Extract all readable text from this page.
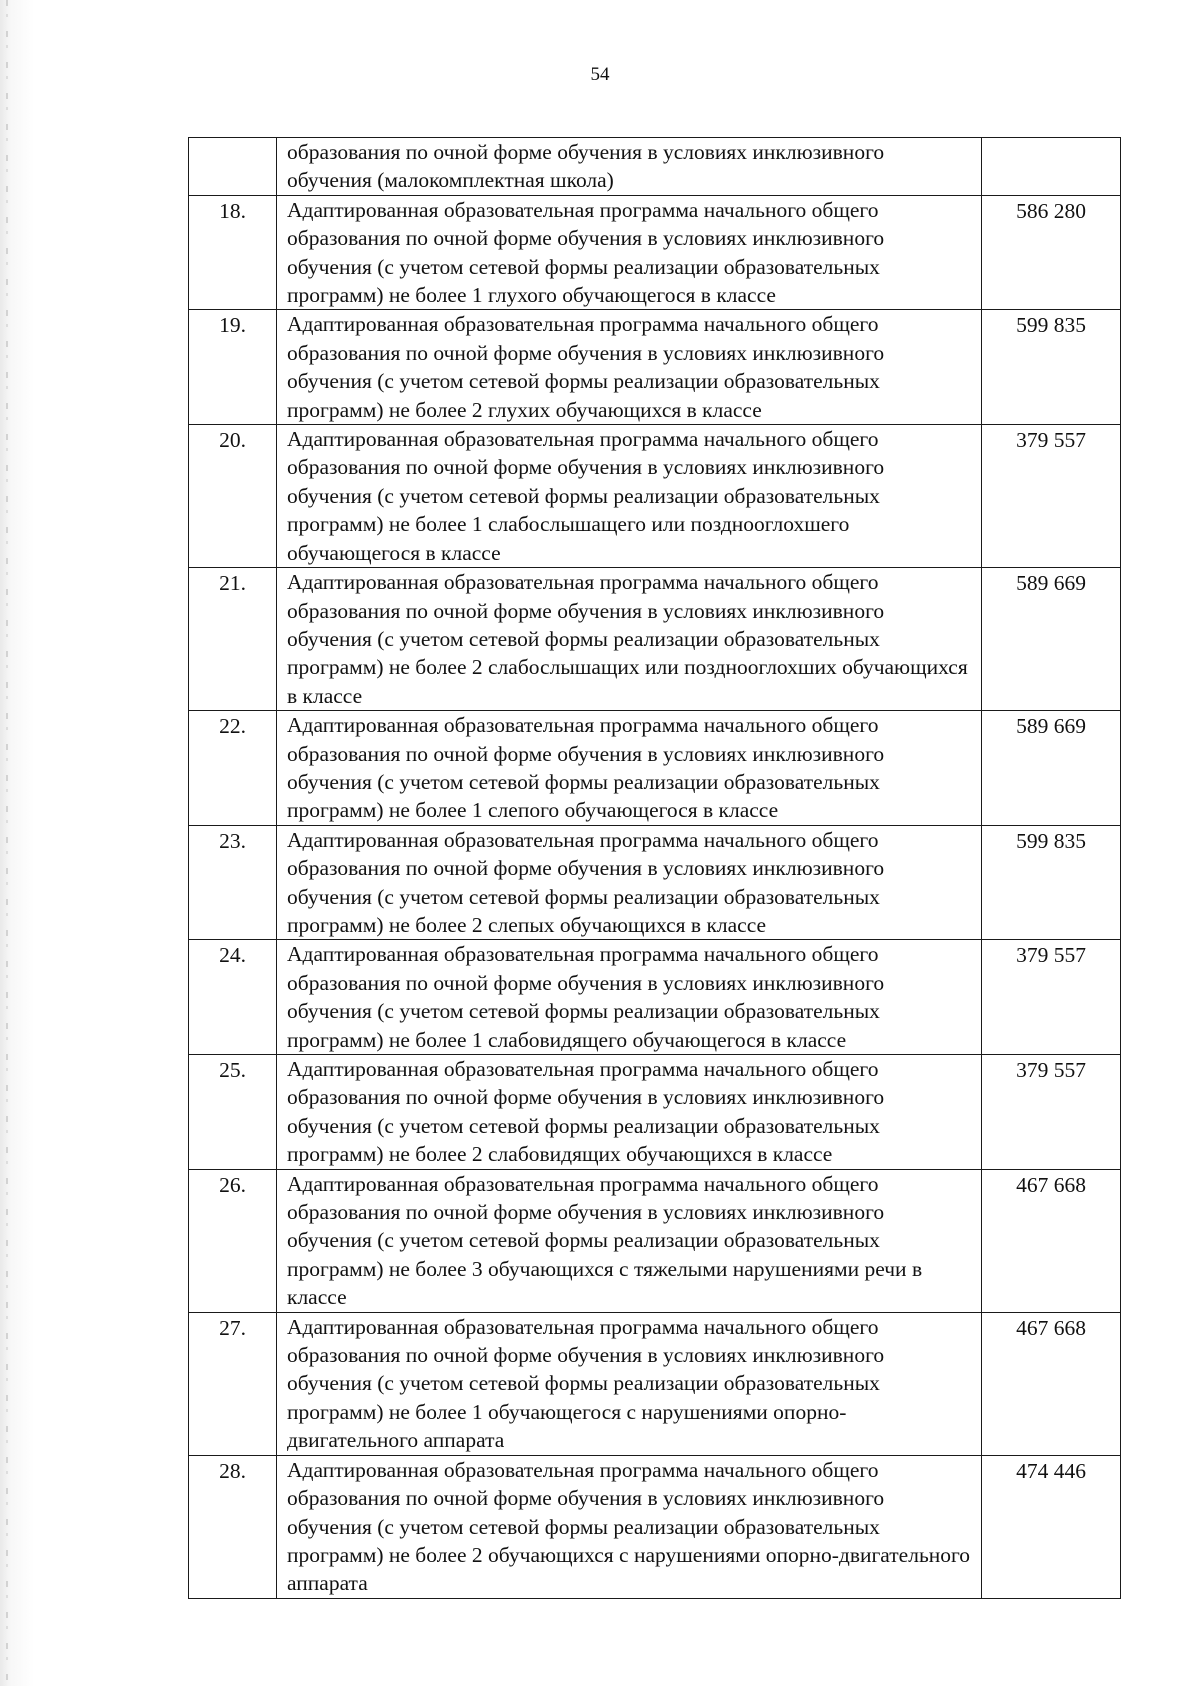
54
	образования по очной форме обучения в условиях инклюзивного обучения (малокомплектная школа)	
18.	Адаптированная образовательная программа начального общего образования по очной форме обучения в условиях инклюзивного обучения (с учетом сетевой формы реализации образовательных программ) не более 1 глухого обучающегося в классе	586 280
19.	Адаптированная образовательная программа начального общего образования по очной форме обучения в условиях инклюзивного обучения (с учетом сетевой формы реализации образовательных программ) не более 2 глухих обучающихся в классе	599 835
20.	Адаптированная образовательная программа начального общего образования по очной форме обучения в условиях инклюзивного обучения (с учетом сетевой формы реализации образовательных программ) не более 1 слабослышащего или позднооглохшего обучающегося в классе	379 557
21.	Адаптированная образовательная программа начального общего образования по очной форме обучения в условиях инклюзивного обучения (с учетом сетевой формы реализации образовательных программ) не более 2 слабослышащих или позднооглохших обучающихся в классе	589 669
22.	Адаптированная образовательная программа начального общего образования по очной форме обучения в условиях инклюзивного обучения (с учетом сетевой формы реализации образовательных программ) не более 1 слепого обучающегося в классе	589 669
23.	Адаптированная образовательная программа начального общего образования по очной форме обучения в условиях инклюзивного обучения (с учетом сетевой формы реализации образовательных программ) не более 2 слепых обучающихся в классе	599 835
24.	Адаптированная образовательная программа начального общего образования по очной форме обучения в условиях инклюзивного обучения (с учетом сетевой формы реализации образовательных программ) не более 1 слабовидящего обучающегося в классе	379 557
25.	Адаптированная образовательная программа начального общего образования по очной форме обучения в условиях инклюзивного обучения (с учетом сетевой формы реализации образовательных программ) не более 2 слабовидящих обучающихся в классе	379 557
26.	Адаптированная образовательная программа начального общего образования по очной форме обучения в условиях инклюзивного обучения (с учетом сетевой формы реализации образовательных программ) не более 3 обучающихся с тяжелыми нарушениями речи в классе	467 668
27.	Адаптированная образовательная программа начального общего образования по очной форме обучения в условиях инклюзивного обучения (с учетом сетевой формы реализации образовательных программ) не более 1 обучающегося с нарушениями опорно-двигательного аппарата	467 668
28.	Адаптированная образовательная программа начального общего образования по очной форме обучения в условиях инклюзивного обучения (с учетом сетевой формы реализации образовательных программ) не более 2 обучающихся с нарушениями опорно-двигательного аппарата	474 446
